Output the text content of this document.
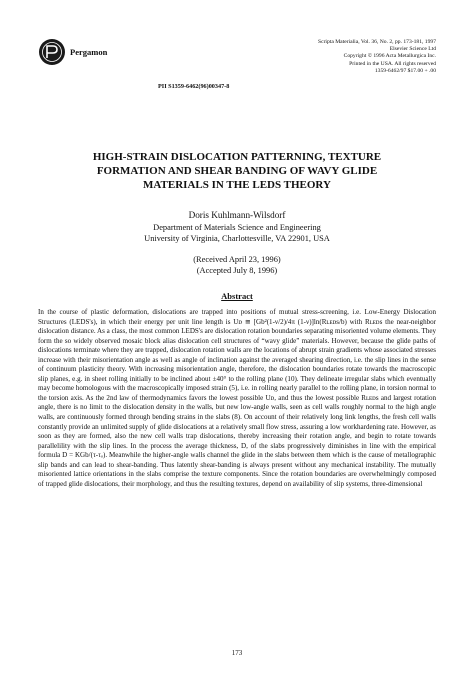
Pergamon
Scripta Materialia, Vol. 36, No. 2, pp. 173-181, 1997
Elsevier Science Ltd
Copyright © 1996 Acta Metallurgica Inc.
Printed in the USA. All rights reserved
1359-6462/97 $17.00 + .00
PII S1359-6462(96)00347-8
HIGH-STRAIN DISLOCATION PATTERNING, TEXTURE
FORMATION AND SHEAR BANDING OF WAVY GLIDE
MATERIALS IN THE LEDS THEORY
Doris Kuhlmann-Wilsdorf
Department of Materials Science and Engineering
University of Virginia, Charlottesville, VA 22901, USA
(Received April 23, 1996)
(Accepted July 8, 1996)
Abstract

In the course of plastic deformation, dislocations are trapped into positions of mutual stress-screening, i.e. Low-Energy Dislocation Structures (LEDS's), in which their energy per unit line length is Uᴅ ≅ [Gb²(1-ν/2)/4π (1-ν)]ln(Rʟᴇᴅs/b) with Rʟᴇᴅs the near-neighbor dislocation distance. As a class, the most common LEDS's are dislocation rotation boundaries separating misoriented volume elements. They form the so widely observed mosaic block alias dislocation cell structures of “wavy glide” materials. However, because the glide paths of dislocations terminate where they are trapped, dislocation rotation walls are the locations of abrupt strain gradients whose associated stresses increase with their misorientation angle as well as angle of inclination against the averaged shearing direction, i.e. the slip lines in the sense of continuum plasticity theory. With increasing misorientation angle, therefore, the dislocation boundaries rotate towards the macroscopic slip planes, e.g. in sheet rolling initially to be inclined about ±40° to the rolling plane (10). They delineate irregular slabs which eventually may become homologous with the macroscopically imposed strain (5), i.e. in rolling nearly parallel to the rolling plane, in torsion normal to the torsion axis. As the 2nd law of thermodynamics favors the lowest possible Uᴅ, and thus the lowest possible Rʟᴇᴅs and largest rotation angle, there is no limit to the dislocation density in the walls, but new low-angle walls, seen as cell walls roughly normal to the high angle walls, are continuously formed through bending strains in the slabs (8). On account of their relatively long link lengths, the fresh cell walls constantly provide an unlimited supply of glide dislocations at a relatively small flow stress, assuring a low workhardening rate. However, as soon as they are formed, also the new cell walls trap dislocations, thereby increasing their rotation angle, and begin to rotate towards parallelility with the slip lines. In the process the average thickness, D, of the slabs progressively diminishes in line with the empirical formula D = KGb/(τ-τₒ). Meanwhile the higher-angle walls channel the glide in the slabs between them which is the cause of metallographic slip bands and can lead to shear-banding. Thus latently shear-banding is always present without any mechanical instability. The mutually misoriented lattice orientations in the slabs comprise the texture components. Since the rotation boundaries are overwhelmingly composed of trapped glide dislocations, their morphology, and thus the resulting textures, depend on availability of slip systems, three-dimensional

173
